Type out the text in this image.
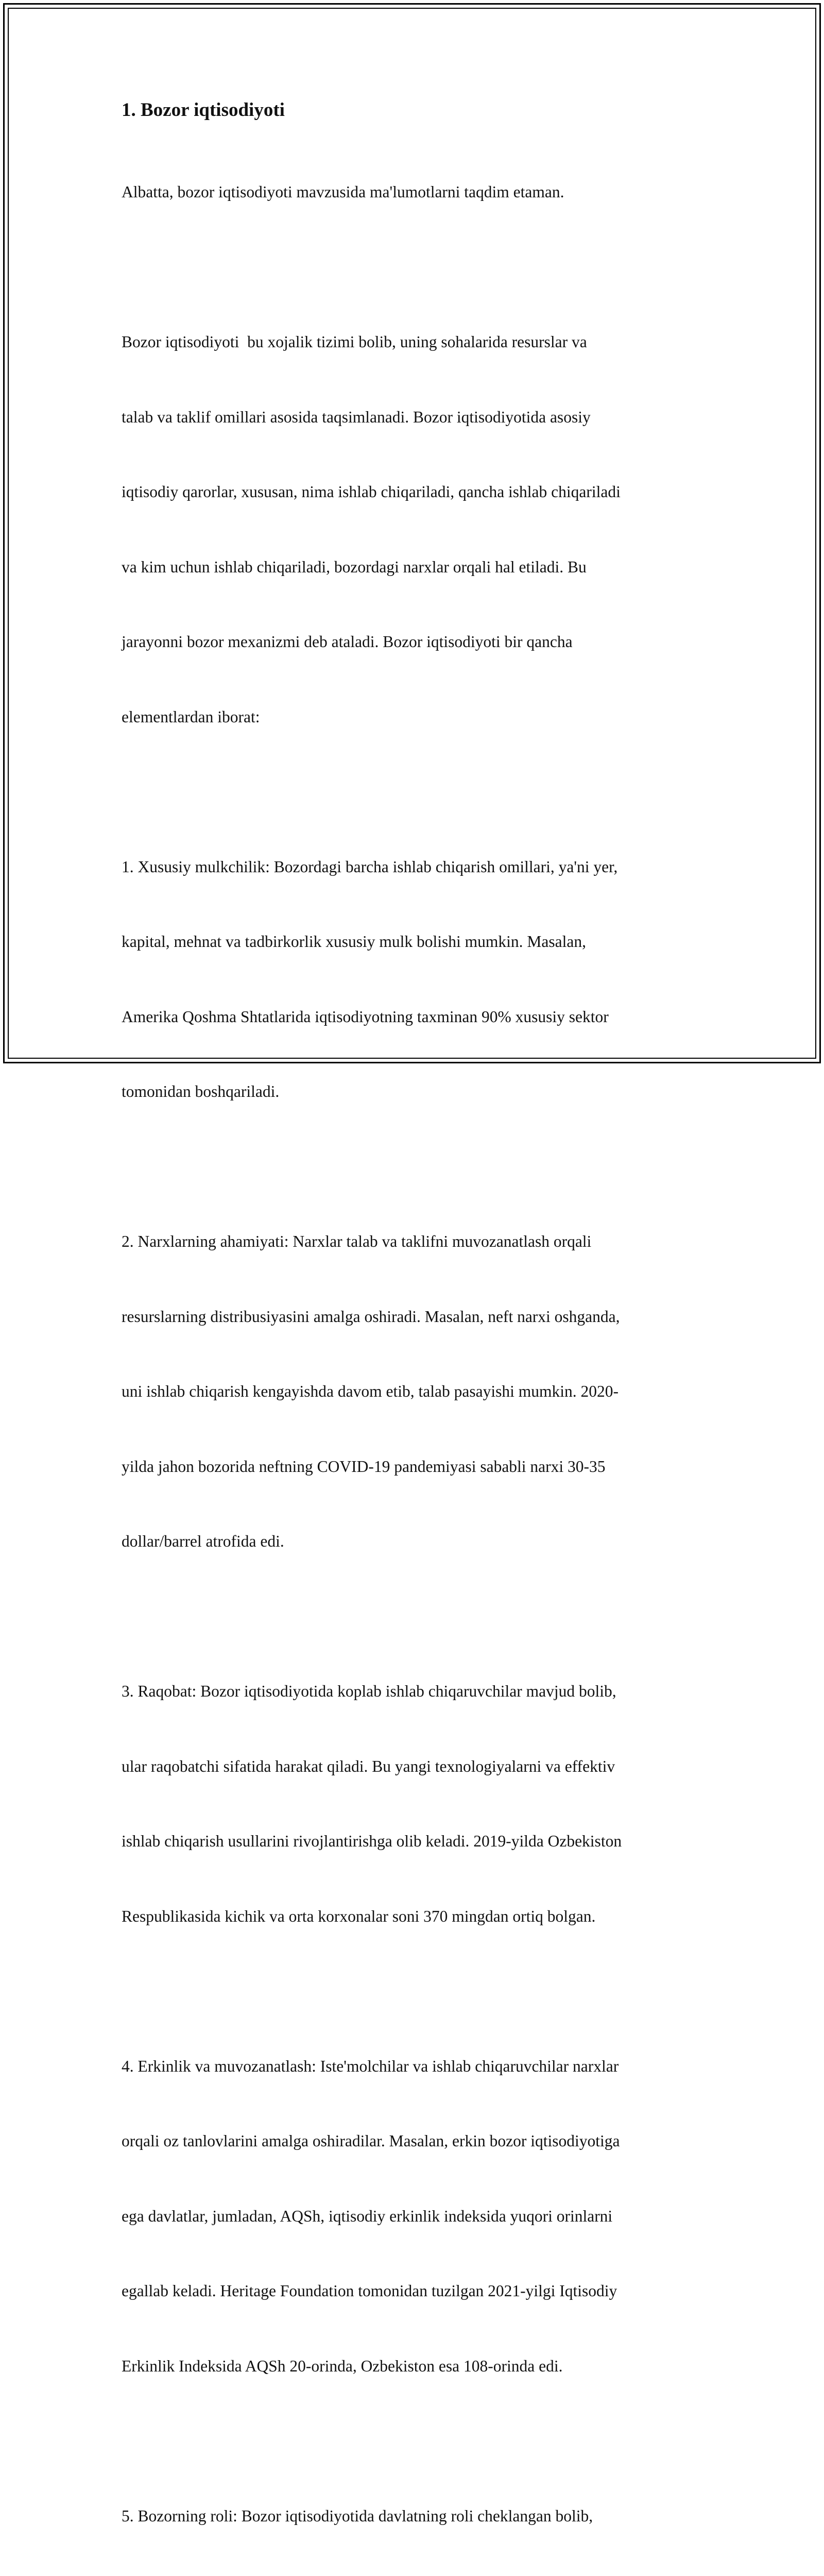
1. Bozor iqtisodiyoti

Albatta, bozor iqtisodiyoti mavzusida ma'lumotlarni taqdim etaman.

Bozor iqtisodiyoti  bu xojalik tizimi bolib, uning sohalarida resurslar va

talab va taklif omillari asosida taqsimlanadi. Bozor iqtisodiyotida asosiy

iqtisodiy qarorlar, xususan, nima ishlab chiqariladi, qancha ishlab chiqariladi

va kim uchun ishlab chiqariladi, bozordagi narxlar orqali hal etiladi. Bu

jarayonni bozor mexanizmi deb ataladi. Bozor iqtisodiyoti bir qancha

elementlardan iborat:

1. Xususiy mulkchilik: Bozordagi barcha ishlab chiqarish omillari, ya'ni yer,

kapital, mehnat va tadbirkorlik xususiy mulk bolishi mumkin. Masalan,

Amerika Qoshma Shtatlarida iqtisodiyotning taxminan 90% xususiy sektor

tomonidan boshqariladi.

2. Narxlarning ahamiyati: Narxlar talab va taklifni muvozanatlash orqali

resurslarning distribusiyasini amalga oshiradi. Masalan, neft narxi oshganda,

uni ishlab chiqarish kengayishda davom etib, talab pasayishi mumkin. 2020-

yilda jahon bozorida neftning COVID-19 pandemiyasi sababli narxi 30-35

dollar/barrel atrofida edi.

3. Raqobat: Bozor iqtisodiyotida koplab ishlab chiqaruvchilar mavjud bolib,

ular raqobatchi sifatida harakat qiladi. Bu yangi texnologiyalarni va effektiv

ishlab chiqarish usullarini rivojlantirishga olib keladi. 2019-yilda Ozbekiston

Respublikasida kichik va orta korxonalar soni 370 mingdan ortiq bolgan.

4. Erkinlik va muvozanatlash: Iste'molchilar va ishlab chiqaruvchilar narxlar

orqali oz tanlovlarini amalga oshiradilar. Masalan, erkin bozor iqtisodiyotiga

ega davlatlar, jumladan, AQSh, iqtisodiy erkinlik indeksida yuqori orinlarni

egallab keladi. Heritage Foundation tomonidan tuzilgan 2021-yilgi Iqtisodiy

Erkinlik Indeksida AQSh 20-orinda, Ozbekiston esa 108-orinda edi.

5. Bozorning roli: Bozor iqtisodiyotida davlatning roli cheklangan bolib,
